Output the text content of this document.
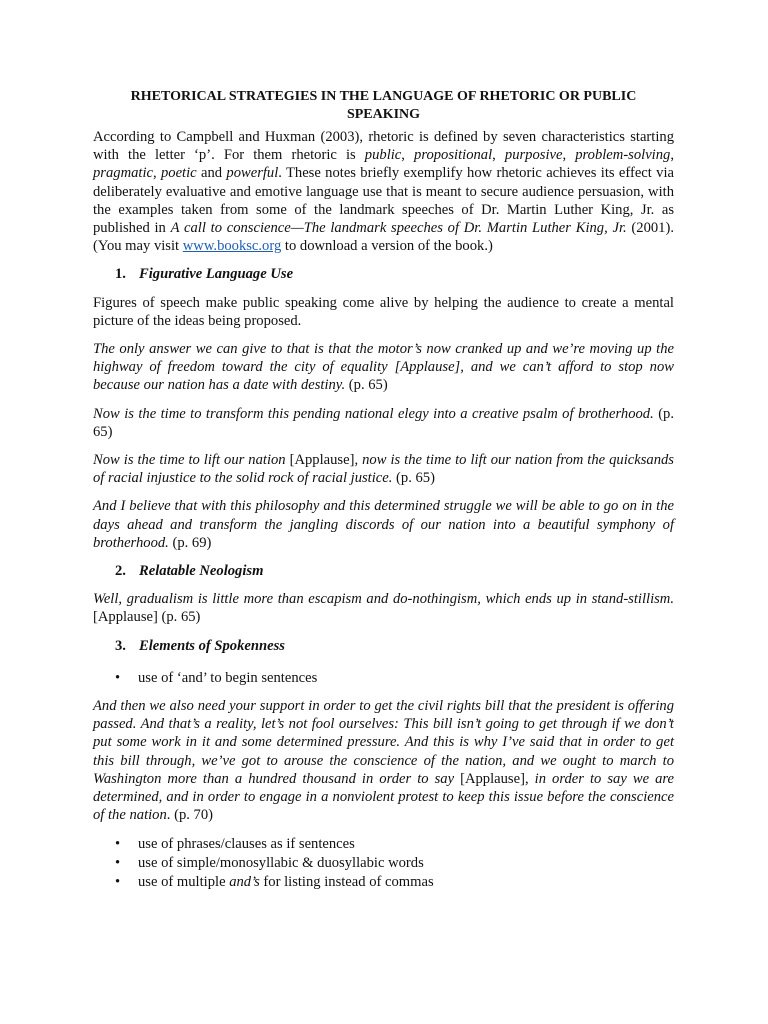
RHETORICAL STRATEGIES IN THE LANGUAGE OF RHETORIC OR PUBLIC SPEAKING

According to Campbell and Huxman (2003), rhetoric is defined by seven characteristics starting with the letter ‘p’. For them rhetoric is public, propositional, purposive, problem-solving, pragmatic, poetic and powerful. These notes briefly exemplify how rhetoric achieves its effect via deliberately evaluative and emotive language use that is meant to secure audience persuasion, with the examples taken from some of the landmark speeches of Dr. Martin Luther King, Jr. as published in A call to conscience—The landmark speeches of Dr. Martin Luther King, Jr. (2001). (You may visit www.booksc.org to download a version of the book.)

1. Figurative Language Use

Figures of speech make public speaking come alive by helping the audience to create a mental picture of the ideas being proposed.

The only answer we can give to that is that the motor’s now cranked up and we’re moving up the highway of freedom toward the city of equality [Applause], and we can’t afford to stop now because our nation has a date with destiny. (p. 65)

Now is the time to transform this pending national elegy into a creative psalm of brotherhood. (p. 65)

Now is the time to lift our nation [Applause], now is the time to lift our nation from the quicksands of racial injustice to the solid rock of racial justice. (p. 65)

And I believe that with this philosophy and this determined struggle we will be able to go on in the days ahead and transform the jangling discords of our nation into a beautiful symphony of brotherhood. (p. 69)

2. Relatable Neologism

Well, gradualism is little more than escapism and do-nothingism, which ends up in stand-stillism. [Applause] (p. 65)

3. Elements of Spokenness
• use of ‘and’ to begin sentences

And then we also need your support in order to get the civil rights bill that the president is offering passed. And that’s a reality, let’s not fool ourselves: This bill isn’t going to get through if we don’t put some work in it and some determined pressure. And this is why I’ve said that in order to get this bill through, we’ve got to arouse the conscience of the nation, and we ought to march to Washington more than a hundred thousand in order to say [Applause], in order to say we are determined, and in order to engage in a nonviolent protest to keep this issue before the conscience of the nation. (p. 70)

• use of phrases/clauses as if sentences
• use of simple/monosyllabic & duosyllabic words
• use of multiple and’s for listing instead of commas
